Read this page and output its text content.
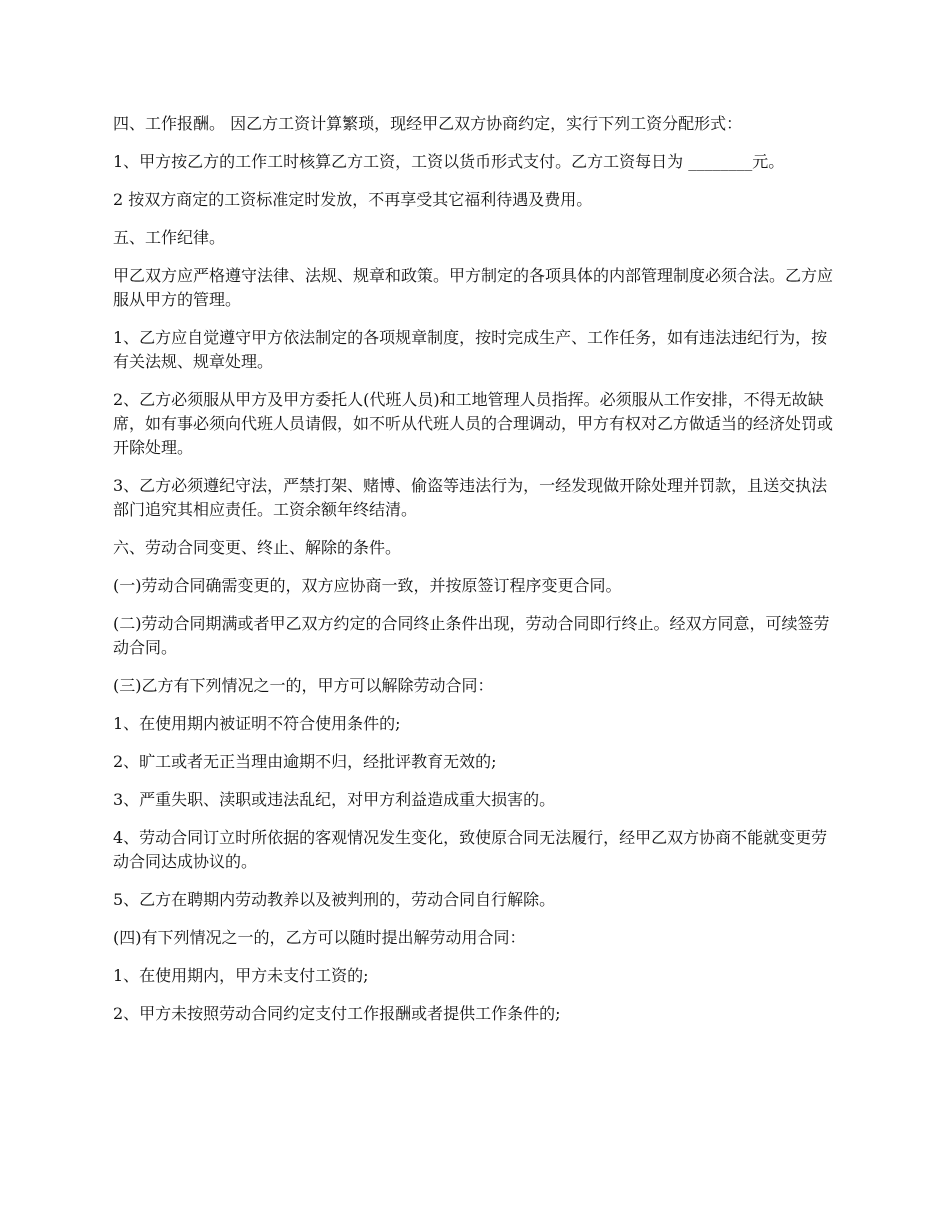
四、工作报酬。 因乙方工资计算繁琐，现经甲乙双方协商约定，实行下列工资分配形式：

1、甲方按乙方的工作工时核算乙方工资，工资以货币形式支付。乙方工资每日为 ________元。

2 按双方商定的工资标准定时发放，不再享受其它福利待遇及费用。

五、工作纪律。

甲乙双方应严格遵守法律、法规、规章和政策。甲方制定的各项具体的内部管理制度必须合法。乙方应服从甲方的管理。

1、乙方应自觉遵守甲方依法制定的各项规章制度，按时完成生产、工作任务，如有违法违纪行为，按有关法规、规章处理。

2、乙方必须服从甲方及甲方委托人(代班人员)和工地管理人员指挥。必须服从工作安排，不得无故缺席，如有事必须向代班人员请假，如不听从代班人员的合理调动，甲方有权对乙方做适当的经济处罚或开除处理。

3、乙方必须遵纪守法，严禁打架、赌博、偷盗等违法行为，一经发现做开除处理并罚款，且送交执法部门追究其相应责任。工资余额年终结清。

六、劳动合同变更、终止、解除的条件。

(一)劳动合同确需变更的，双方应协商一致，并按原签订程序变更合同。

(二)劳动合同期满或者甲乙双方约定的合同终止条件出现，劳动合同即行终止。经双方同意，可续签劳动合同。

(三)乙方有下列情况之一的，甲方可以解除劳动合同：

1、在使用期内被证明不符合使用条件的;

2、旷工或者无正当理由逾期不归，经批评教育无效的;

3、严重失职、渎职或违法乱纪，对甲方利益造成重大损害的。

4、劳动合同订立时所依据的客观情况发生变化，致使原合同无法履行，经甲乙双方协商不能就变更劳动合同达成协议的。

5、乙方在聘期内劳动教养以及被判刑的，劳动合同自行解除。

(四)有下列情况之一的，乙方可以随时提出解劳动用合同：

1、在使用期内，甲方未支付工资的;

2、甲方未按照劳动合同约定支付工作报酬或者提供工作条件的;
